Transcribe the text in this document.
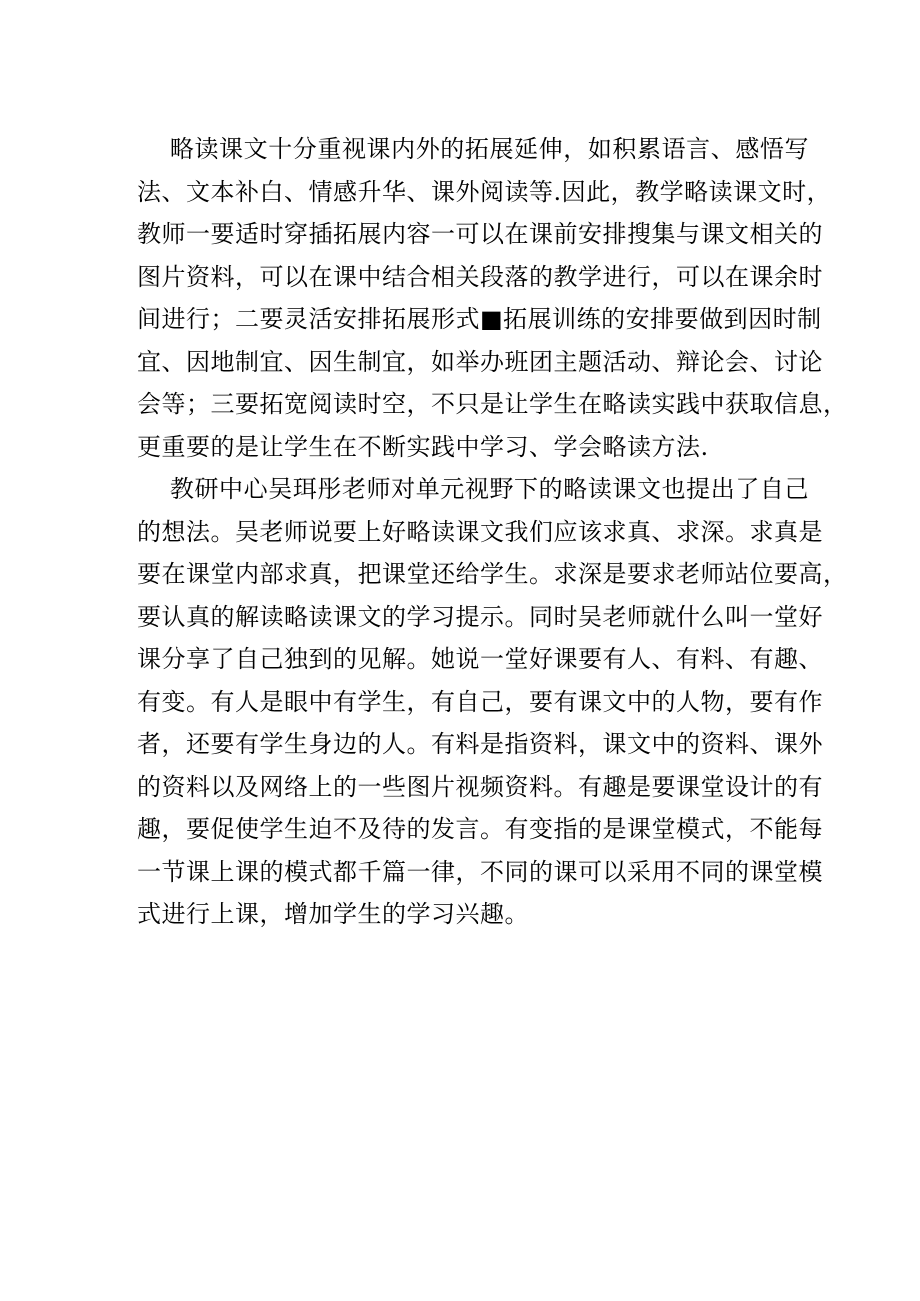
略读课文十分重视课内外的拓展延伸，如积累语言、感悟写
法、文本补白、情感升华、课外阅读等.因此，教学略读课文时，
教师一要适时穿插拓展内容一可以在课前安排搜集与课文相关的
图片资料，可以在课中结合相关段落的教学进行，可以在课余时
间进行；二要灵活安排拓展形式■拓展训练的安排要做到因时制
宜、因地制宜、因生制宜，如举办班团主题活动、辩论会、讨论
会等；三要拓宽阅读时空，不只是让学生在略读实践中获取信息，
更重要的是让学生在不断实践中学习、学会略读方法.
教研中心吴珥彤老师对单元视野下的略读课文也提出了自己
的想法。吴老师说要上好略读课文我们应该求真、求深。求真是
要在课堂内部求真，把课堂还给学生。求深是要求老师站位要高，
要认真的解读略读课文的学习提示。同时吴老师就什么叫一堂好
课分享了自己独到的见解。她说一堂好课要有人、有料、有趣、
有变。有人是眼中有学生，有自己，要有课文中的人物，要有作
者，还要有学生身边的人。有料是指资料，课文中的资料、课外
的资料以及网络上的一些图片视频资料。有趣是要课堂设计的有
趣，要促使学生迫不及待的发言。有变指的是课堂模式，不能每
一节课上课的模式都千篇一律，不同的课可以采用不同的课堂模
式进行上课，增加学生的学习兴趣。
